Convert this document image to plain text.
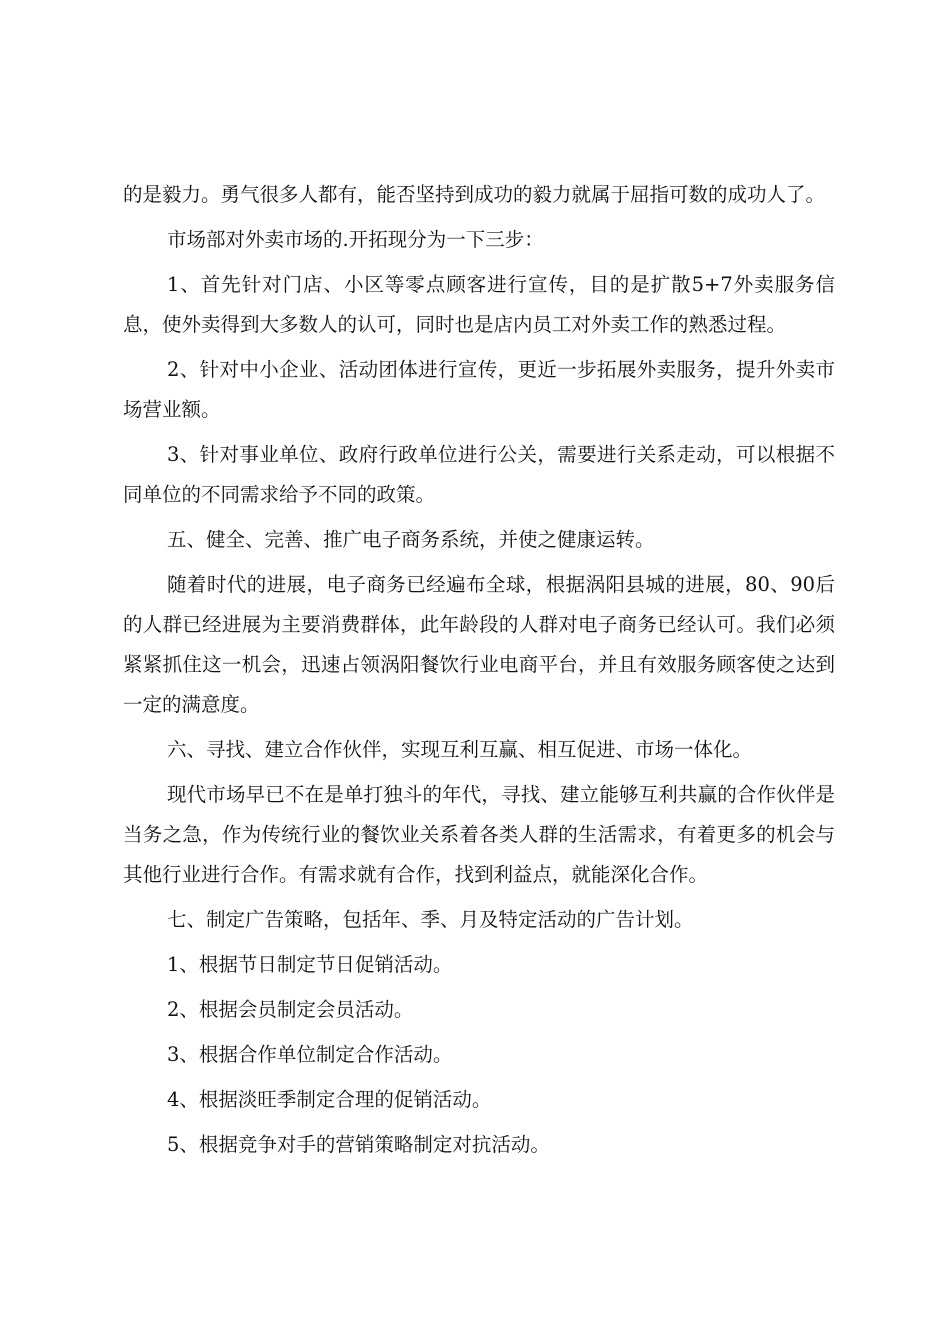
的是毅力。勇气很多人都有，能否坚持到成功的毅力就属于屈指可数的成功人了。

市场部对外卖市场的.开拓现分为一下三步：

1、首先针对门店、小区等零点顾客进行宣传，目的是扩散5+7外卖服务信息，使外卖得到大多数人的认可，同时也是店内员工对外卖工作的熟悉过程。

2、针对中小企业、活动团体进行宣传，更近一步拓展外卖服务，提升外卖市场营业额。

3、针对事业单位、政府行政单位进行公关，需要进行关系走动，可以根据不同单位的不同需求给予不同的政策。

五、健全、完善、推广电子商务系统，并使之健康运转。

随着时代的进展，电子商务已经遍布全球，根据涡阳县城的进展，80、90后的人群已经进展为主要消费群体，此年龄段的人群对电子商务已经认可。我们必须紧紧抓住这一机会，迅速占领涡阳餐饮行业电商平台，并且有效服务顾客使之达到一定的满意度。

六、寻找、建立合作伙伴，实现互利互赢、相互促进、市场一体化。

现代市场早已不在是单打独斗的年代，寻找、建立能够互利共赢的合作伙伴是当务之急，作为传统行业的餐饮业关系着各类人群的生活需求，有着更多的机会与其他行业进行合作。有需求就有合作，找到利益点，就能深化合作。

七、制定广告策略，包括年、季、月及特定活动的广告计划。

1、根据节日制定节日促销活动。

2、根据会员制定会员活动。

3、根据合作单位制定合作活动。

4、根据淡旺季制定合理的促销活动。

5、根据竞争对手的营销策略制定对抗活动。
